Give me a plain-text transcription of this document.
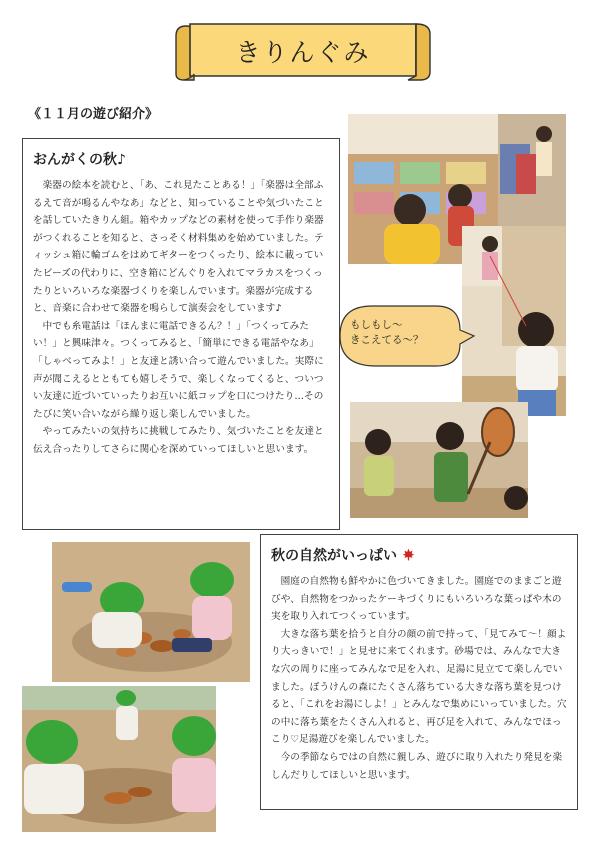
きりんぐみ
《１１月の遊び紹介》
おんがくの秋♪

楽器の絵本を読むと、「あ、これ見たことある！」「楽器は全部ふるえて音が鳴るんやなあ」などと、知っていることや気づいたことを話していたきりん組。箱やカップなどの素材を使って手作り楽器がつくれることを知ると、さっそく材料集めを始めていました。ティッシュ箱に輪ゴムをはめてギターをつくったり、絵本に載っていたビーズの代わりに、空き箱にどんぐりを入れてマラカスをつくったりといろいろな楽器づくりを楽しんでいます。楽器が完成すると、音楽に合わせて楽器を鳴らして演奏会をしています♪

中でも糸電話は「ほんまに電話できるん？！」「つくってみたい！」と興味津々。つくってみると、「簡単にできる電話やなあ」「しゃべってみよ！」と友達と誘い合って遊んでいました。実際に声が聞こえるとともても嬉しそうで、楽しくなってくると、ついつい友達に近づいていったりお互いに紙コップを口につけたり…そのたびに笑い合いながら繰り返し楽しんでいました。

やってみたいの気持ちに挑戦してみたり、気づいたことを友達と伝え合ったりしてさらに関心を深めていってほしいと思います。

もしもし～
きこえてる～？
秋の自然がいっぱい

園庭の自然物も鮮やかに色づいてきました。園庭でのままごと遊びや、自然物をつかったケーキづくりにもいろいろな葉っぱや木の実を取り入れてつくっています。

大きな落ち葉を拾うと自分の顔の前で持って、「見てみて～！顔より大っきいで！」と見せに来てくれます。砂場では、みんなで大きな穴の周りに座ってみんなで足を入れ、足湯に見立てて楽しんでいました。ぼうけんの森にたくさん落ちている大きな落ち葉を見つけると、「これをお湯にしよ！」とみんなで集めにいっていました。穴の中に落ち葉をたくさん入れると、再び足を入れて、みんなでほっこり♡足湯遊びを楽しんでいました。

今の季節ならではの自然に親しみ、遊びに取り入れたり発見を楽しんだりしてほしいと思います。
